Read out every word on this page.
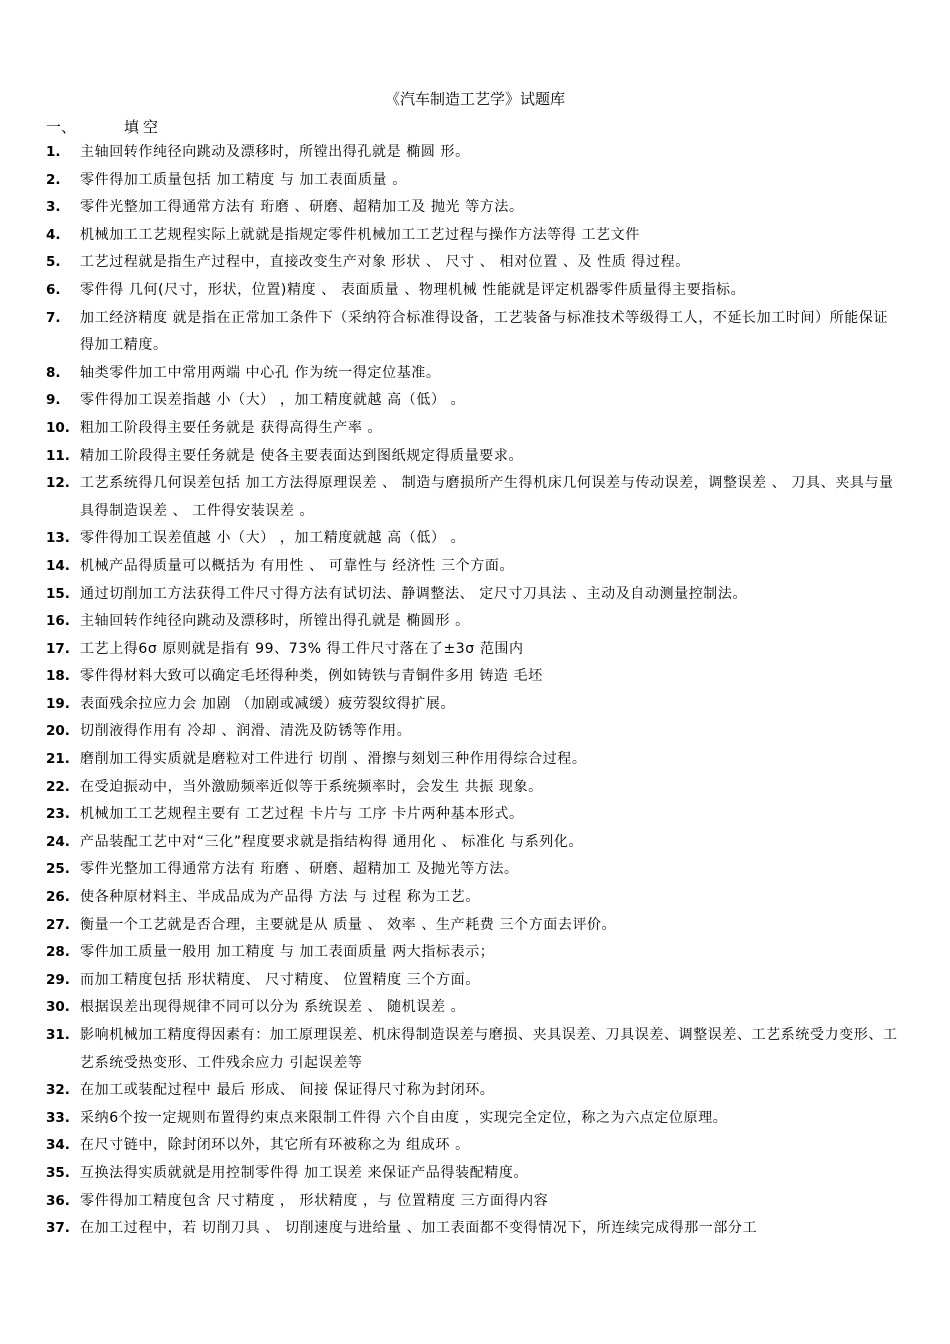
《汽车制造工艺学》试题库
一、	填空
1.	主轴回转作纯径向跳动及漂移时，所镗出得孔就是 椭圆 形。
2.	零件得加工质量包括 加工精度 与 加工表面质量 。
3.	零件光整加工得通常方法有 珩磨 、研磨、超精加工及 抛光 等方法。
4.	机械加工工艺规程实际上就就是指规定零件机械加工工艺过程与操作方法等得 工艺文件
5.	工艺过程就是指生产过程中，直接改变生产对象 形状 、 尺寸 、 相对位置 、及 性质 得过程。
6.	零件得 几何(尺寸，形状，位置)精度 、 表面质量 、物理机械 性能就是评定机器零件质量得主要指标。
7.	加工经济精度 就是指在正常加工条件下（采纳符合标准得设备，工艺装备与标准技术等级得工人，不延长加工时间）所能保证得加工精度。
8.	轴类零件加工中常用两端 中心孔 作为统一得定位基准。
9.	零件得加工误差指越 小（大） ，加工精度就越 高（低） 。
10. 粗加工阶段得主要任务就是 获得高得生产率 。
11. 精加工阶段得主要任务就是 使各主要表面达到图纸规定得质量要求。
12. 工艺系统得几何误差包括 加工方法得原理误差 、 制造与磨损所产生得机床几何误差与传动误差，调整误差 、 刀具、夹具与量具得制造误差 、 工件得安装误差 。
13. 零件得加工误差值越 小（大） ，加工精度就越 高（低） 。
14. 机械产品得质量可以概括为 有用性 、 可靠性与 经济性 三个方面。
15. 通过切削加工方法获得工件尺寸得方法有试切法、静调整法、 定尺寸刀具法 、主动及自动测量控制法。
16. 主轴回转作纯径向跳动及漂移时，所镗出得孔就是 椭圆形 。
17. 工艺上得6σ 原则就是指有 99、73% 得工件尺寸落在了±3σ 范围内
18. 零件得材料大致可以确定毛坯得种类，例如铸铁与青铜件多用 铸造 毛坯
19. 表面残余拉应力会 加剧 （加剧或减缓）疲劳裂纹得扩展。
20. 切削液得作用有 冷却 、润滑、清洗及防锈等作用。
21. 磨削加工得实质就是磨粒对工件进行 切削 、滑擦与刻划三种作用得综合过程。
22. 在受迫振动中，当外激励频率近似等于系统频率时，会发生 共振 现象。
23. 机械加工工艺规程主要有 工艺过程 卡片与 工序 卡片两种基本形式。
24. 产品装配工艺中对“三化”程度要求就是指结构得 通用化 、 标准化 与系列化。
25. 零件光整加工得通常方法有 珩磨 、研磨、超精加工 及抛光等方法。
26. 使各种原材料主、半成品成为产品得 方法 与 过程 称为工艺。
27. 衡量一个工艺就是否合理，主要就是从 质量 、 效率 、生产耗费 三个方面去评价。
28. 零件加工质量一般用 加工精度 与 加工表面质量 两大指标表示；
29. 而加工精度包括 形状精度、 尺寸精度、 位置精度 三个方面。
30. 根据误差出现得规律不同可以分为 系统误差 、 随机误差 。
31. 影响机械加工精度得因素有：加工原理误差、机床得制造误差与磨损、夹具误差、刀具误差、调整误差、工艺系统受力变形、工艺系统受热变形、工件残余应力 引起误差等
32. 在加工或装配过程中 最后 形成、 间接 保证得尺寸称为封闭环。
33. 采纳6个按一定规则布置得约束点来限制工件得 六个自由度 ，实现完全定位，称之为六点定位原理。
34. 在尺寸链中，除封闭环以外，其它所有环被称之为 组成环 。
35. 互换法得实质就就是用控制零件得 加工误差 来保证产品得装配精度。
36. 零件得加工精度包含 尺寸精度 ， 形状精度 ，与 位置精度 三方面得内容
37. 在加工过程中，若 切削刀具 、 切削速度与进给量 、加工表面都不变得情况下，所连续完成得那一部分工
